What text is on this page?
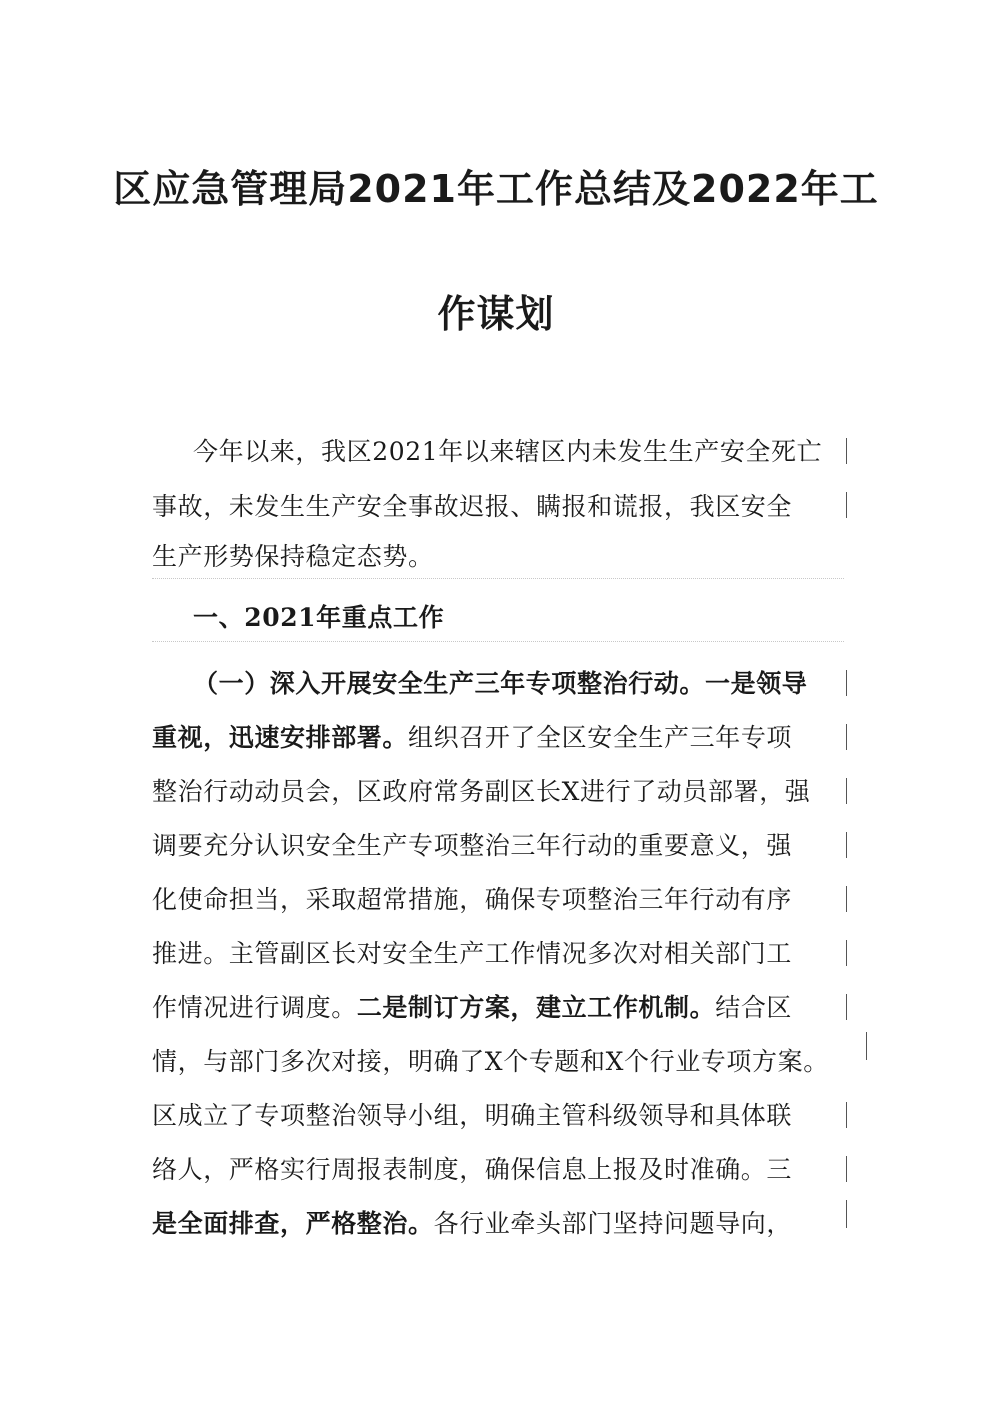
区应急管理局2021年工作总结及2022年工
作谋划
今年以来，我区2021年以来辖区内未发生生产安全死亡
事故，未发生生产安全事故迟报、瞒报和谎报，我区安全
生产形势保持稳定态势。
一、2021年重点工作
（一）深入开展安全生产三年专项整治行动。一是领导
重视，迅速安排部署。组织召开了全区安全生产三年专项
整治行动动员会，区政府常务副区长X进行了动员部署，强
调要充分认识安全生产专项整治三年行动的重要意义，强
化使命担当，采取超常措施，确保专项整治三年行动有序
推进。主管副区长对安全生产工作情况多次对相关部门工
作情况进行调度。二是制订方案，建立工作机制。结合区
情，与部门多次对接，明确了X个专题和X个行业专项方案。
区成立了专项整治领导小组，明确主管科级领导和具体联
络人，严格实行周报表制度，确保信息上报及时准确。三
是全面排查，严格整治。各行业牵头部门坚持问题导向，
